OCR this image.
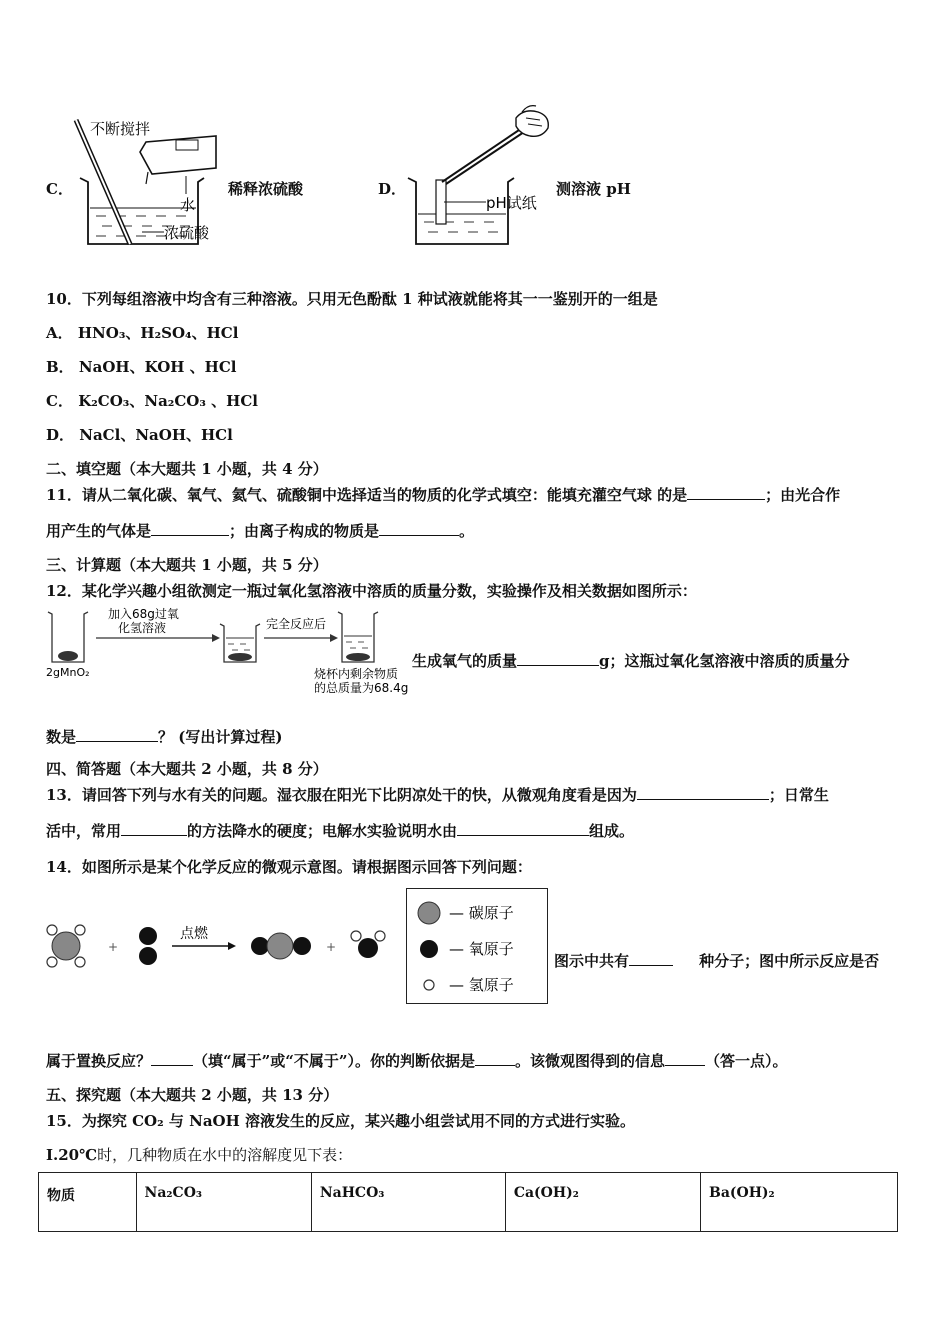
C．
不断搅拌
水
浓硫酸
稀释浓硫酸	D．
pH试纸
测溶液 pH
10．下列每组溶液中均含有三种溶液。只用无色酚酞 1 种试液就能将其一一鉴别开的一组是
A． HNO₃、H₂SO₄、HCl
B． NaOH、KOH 、HCl
C． K₂CO₃、Na₂CO₃ 、HCl
D． NaCl、NaOH、HCl
二、填空题（本大题共 1 小题，共 4 分）
11．请从二氧化碳、氧气、氦气、硫酸铜中选择适当的物质的化学式填空：能填充灌空气球 的是	；由光合作
用产生的气体是	；由离子构成的物质是	。
三、计算题（本大题共 1 小题，共 5 分）
12．某化学兴趣小组欲测定一瓶过氧化氢溶液中溶质的质量分数，实验操作及相关数据如图所示：
2gMnO₂
加入68g过氧
化氢溶液	完全反应后
烧杯内剩余物质
的总质量为68.4g
生成氧气的质量	g；这瓶过氧化氢溶液中溶质的质量分
数是	？ (写出计算过程)
四、简答题（本大题共 2 小题，共 8 分）
13．请回答下列与水有关的问题。湿衣服在阳光下比阴凉处干的快，从微观角度看是因为	；日常生
活中，常用	的方法降水的硬度；电解水实验说明水由	组成。
14．如图所示是某个化学反应的微观示意图。请根据图示回答下列问题：
+
点燃
+
— 碳原子
— 氧原子
— 氢原子
图示中共有	种分子；图中所示反应是否
属于置换反应？	（填“属于”或“不属于”）。你的判断依据是	。该微观图得到的信息	（答一点）。
五、探究题（本大题共 2 小题，共 13 分）
15．为探究 CO₂ 与 NaOH 溶液发生的反应，某兴趣小组尝试用不同的方式进行实验。
Ⅰ.20℃时，几种物质在水中的溶解度见下表：
物质	Na₂CO₃	NaHCO₃	Ca(OH)₂	Ba(OH)₂
